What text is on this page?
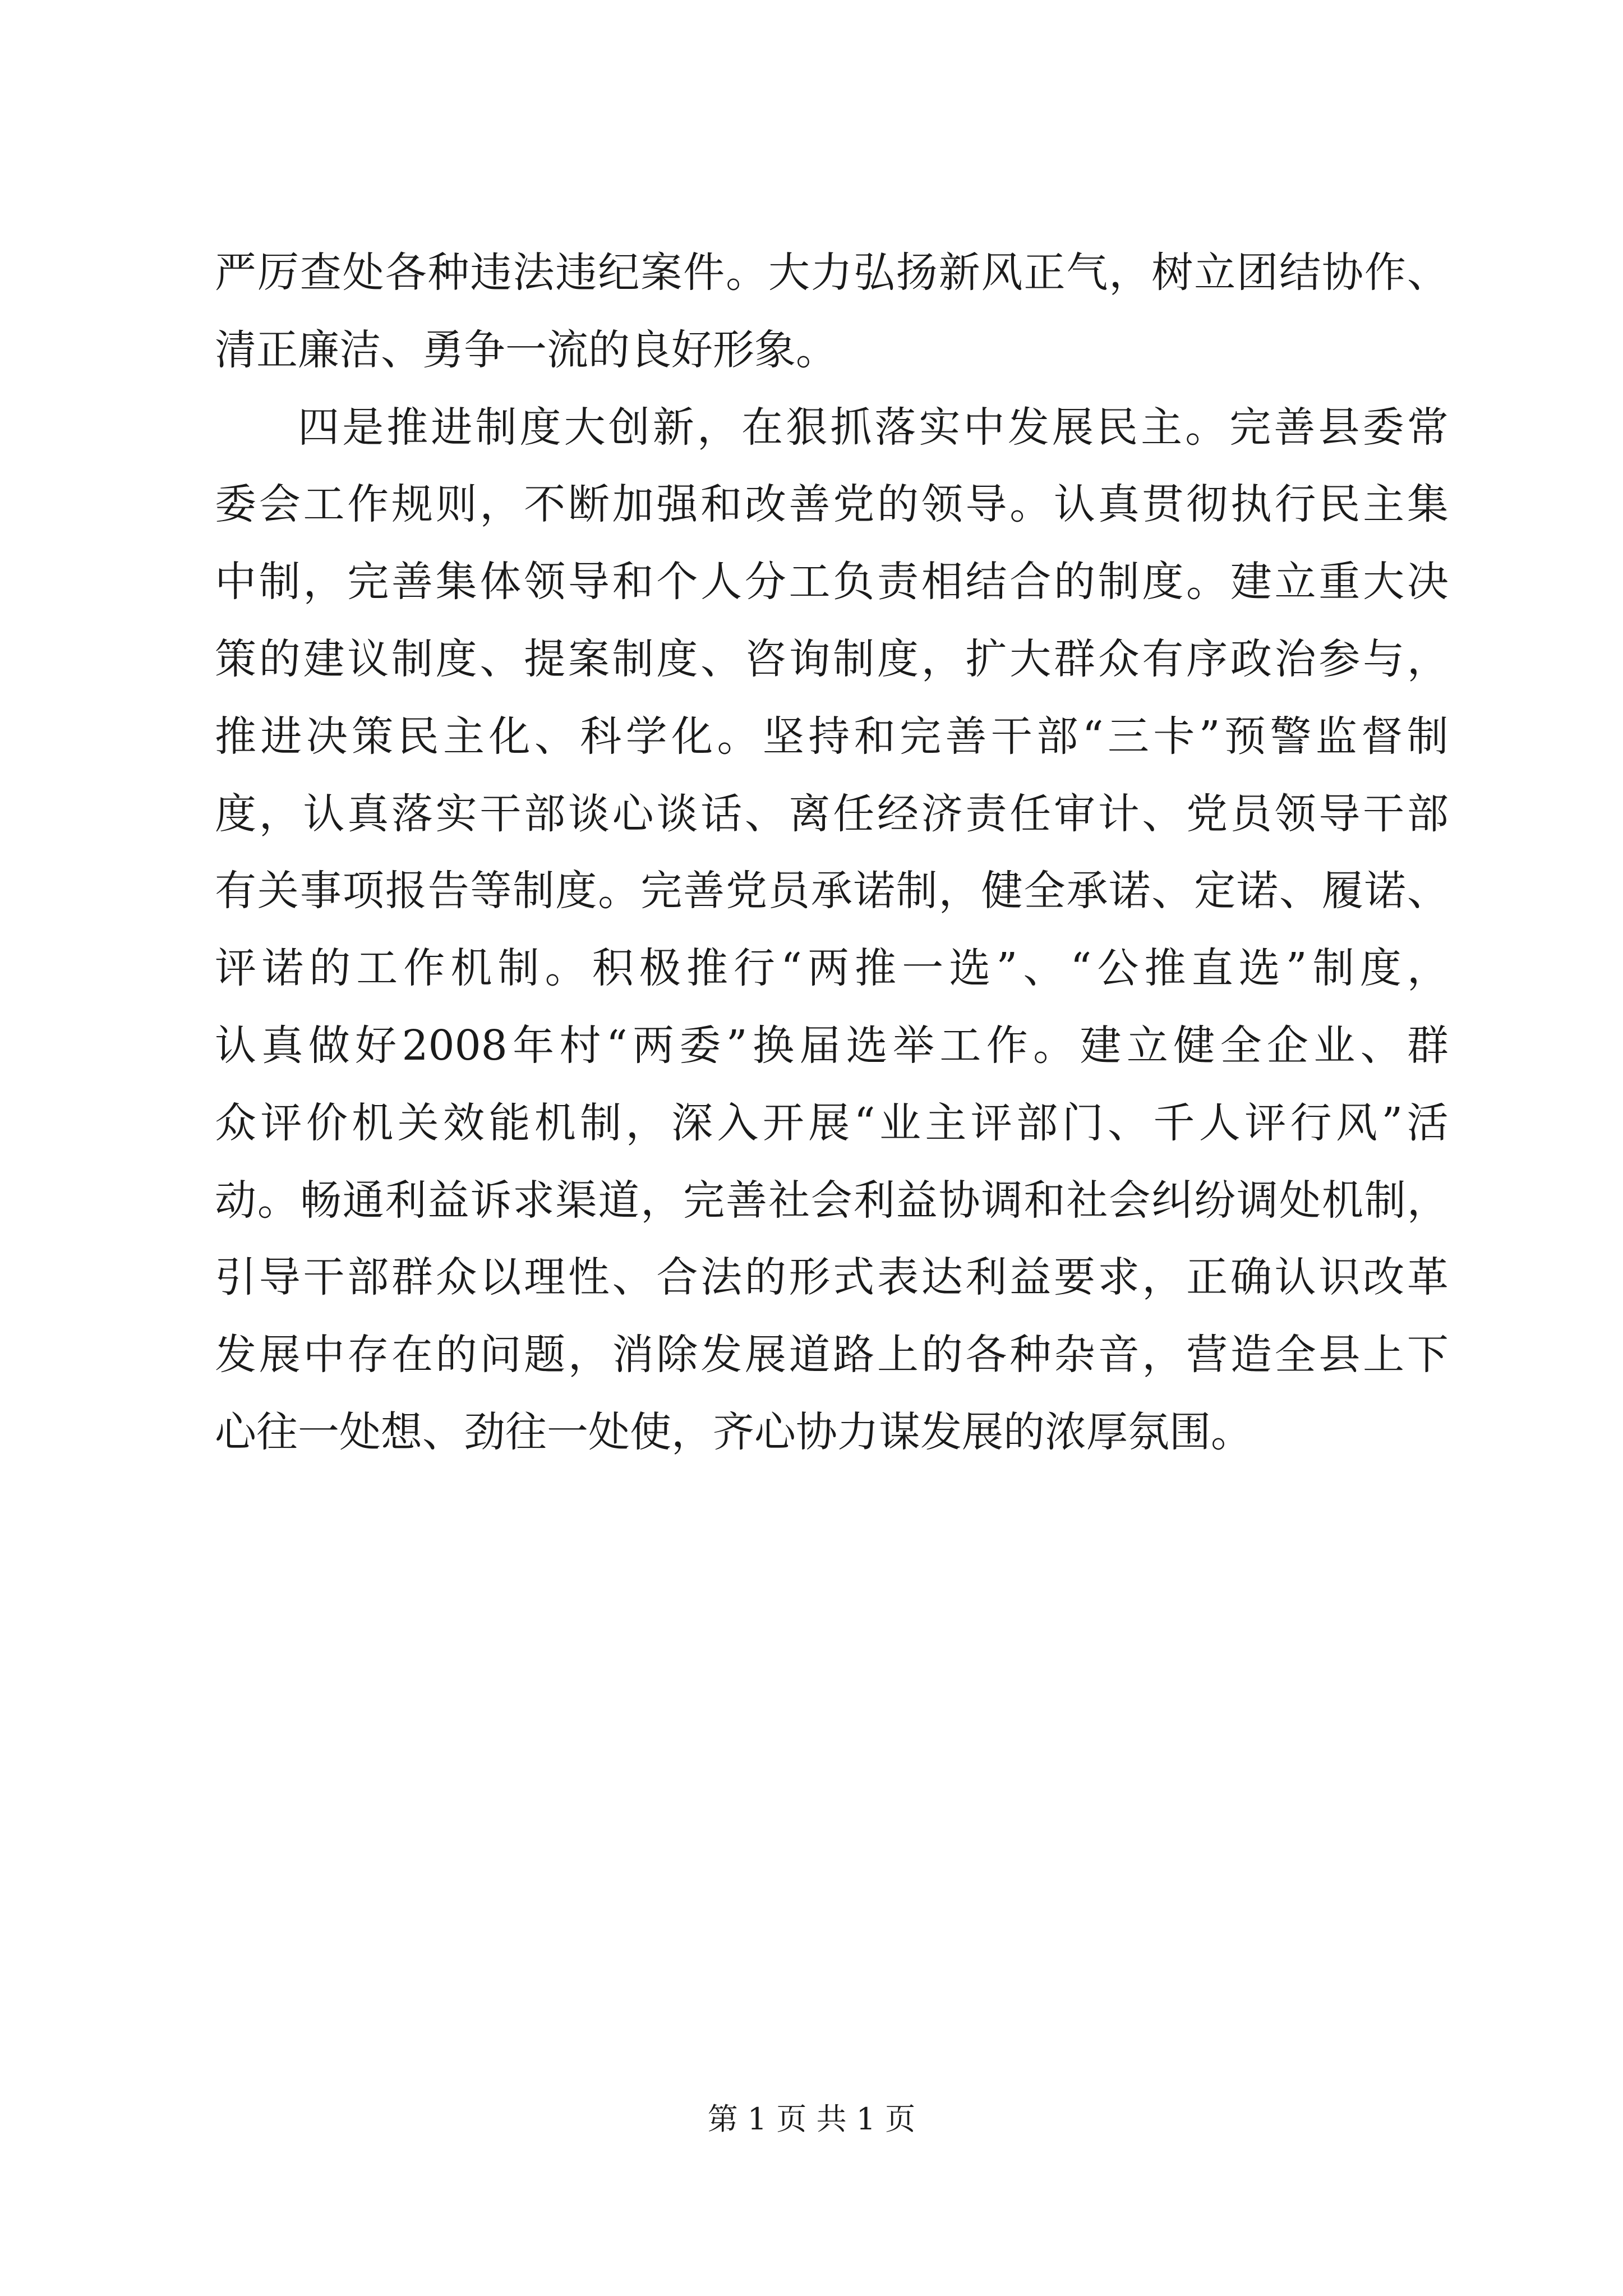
严 厉 查 处 各 种 违 法 违 纪 案 件 。 大 力 弘 扬 新 风 正 气 ， 树 立 团 结 协 作 、
清正廉洁、勇争一流的良好形象。
四 是 推 进 制 度 大 创 新 ， 在 狠 抓 落 实 中 发 展 民 主 。 完 善 县 委 常
委 会 工 作 规 则 ， 不 断 加 强 和 改 善 党 的 领 导 。 认 真 贯 彻 执 行 民 主 集
中 制 ， 完 善 集 体 领 导 和 个 人 分 工 负 责 相 结 合 的 制 度 。 建 立 重 大 决
策 的 建 议 制 度 、 提 案 制 度 、 咨 询 制 度 ， 扩 大 群 众 有 序 政 治 参 与 ，
推 进 决 策 民 主 化 、 科 学 化 。 坚 持 和 完 善 干 部 “ 三 卡 ” 预 警 监 督 制
度 ， 认 真 落 实 干 部 谈 心 谈 话 、 离 任 经 济 责 任 审 计 、 党 员 领 导 干 部
有 关 事 项 报 告 等 制 度 。 完 善 党 员 承 诺 制 ， 健 全 承 诺 、 定 诺 、 履 诺 、
评 诺 的 工 作 机 制 。 积 极 推 行 “ 两 推 一 选 ” 、 “ 公 推 直 选 ” 制 度 ，
认 真 做 好 2008 年 村 “ 两 委 ” 换 届 选 举 工 作 。 建 立 健 全 企 业 、 群
众 评 价 机 关 效 能 机 制 ， 深 入 开 展 “ 业 主 评 部 门 、 千 人 评 行 风 ” 活
动 。 畅 通 利 益 诉 求 渠 道 ， 完 善 社 会 利 益 协 调 和 社 会 纠 纷 调 处 机 制 ，
引 导 干 部 群 众 以 理 性 、 合 法 的 形 式 表 达 利 益 要 求 ， 正 确 认 识 改 革
发 展 中 存 在 的 问 题 ， 消 除 发 展 道 路 上 的 各 种 杂 音 ， 营 造 全 县 上 下
心往一处想、劲往一处使，齐心协力谋发展的浓厚氛围。
第 1 页 共 1 页
